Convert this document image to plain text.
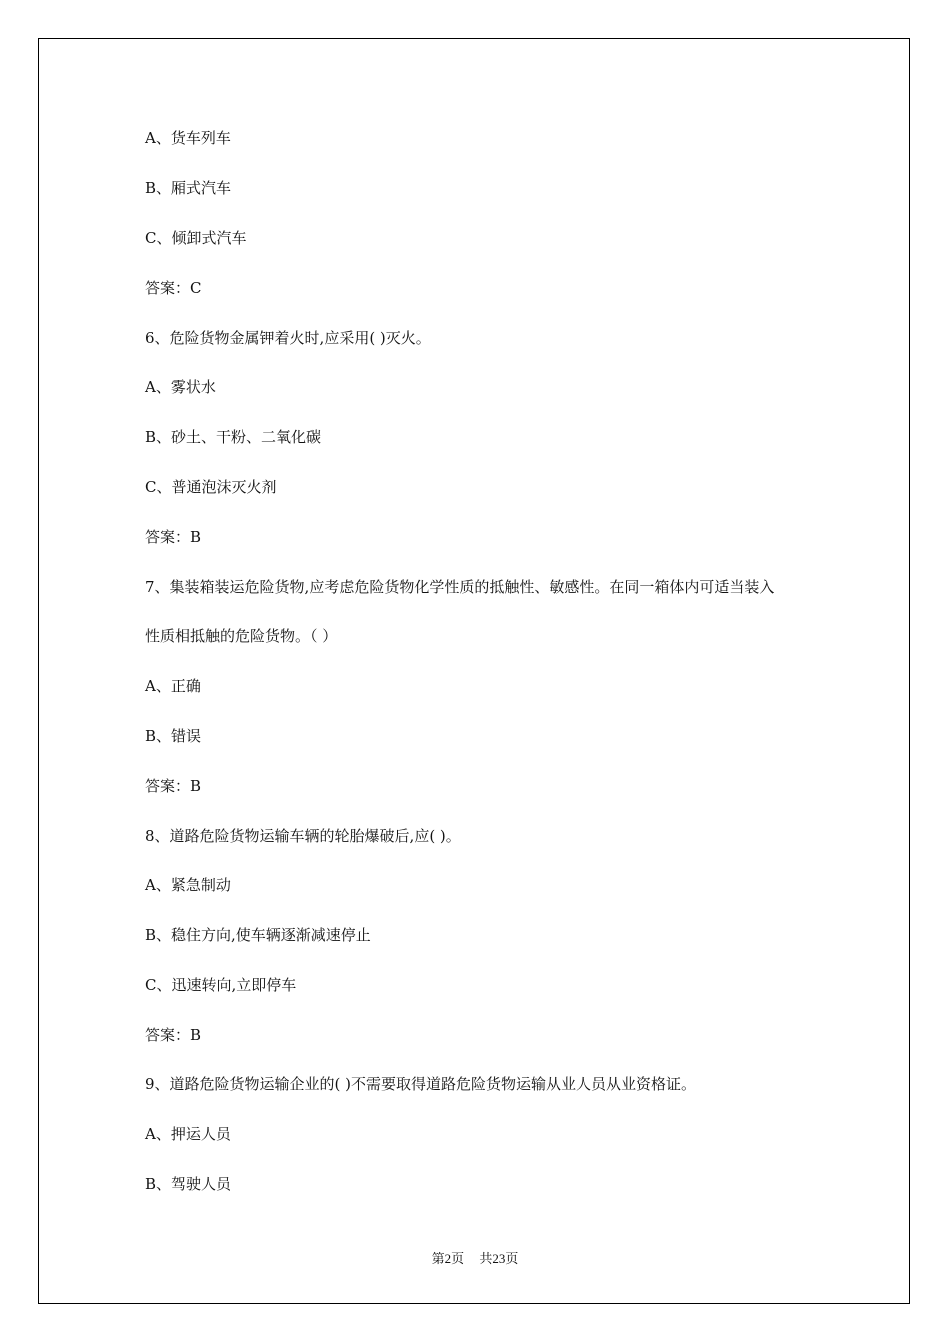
A、货车列车
B、厢式汽车
C、倾卸式汽车
答案：C
6、危险货物金属钾着火时,应采用( )灭火。
A、雾状水
B、砂土、干粉、二氧化碳
C、普通泡沫灭火剂
答案：B
7、集装箱装运危险货物,应考虑危险货物化学性质的抵触性、敏感性。在同一箱体内可适当装入
性质相抵触的危险货物。（ ）
A、正确
B、错误
答案：B
8、道路危险货物运输车辆的轮胎爆破后,应( )。
A、紧急制动
B、稳住方向,使车辆逐渐减速停止
C、迅速转向,立即停车
答案：B
9、道路危险货物运输企业的( )不需要取得道路危险货物运输从业人员从业资格证。
A、押运人员
B、驾驶人员
第2页 共23页
